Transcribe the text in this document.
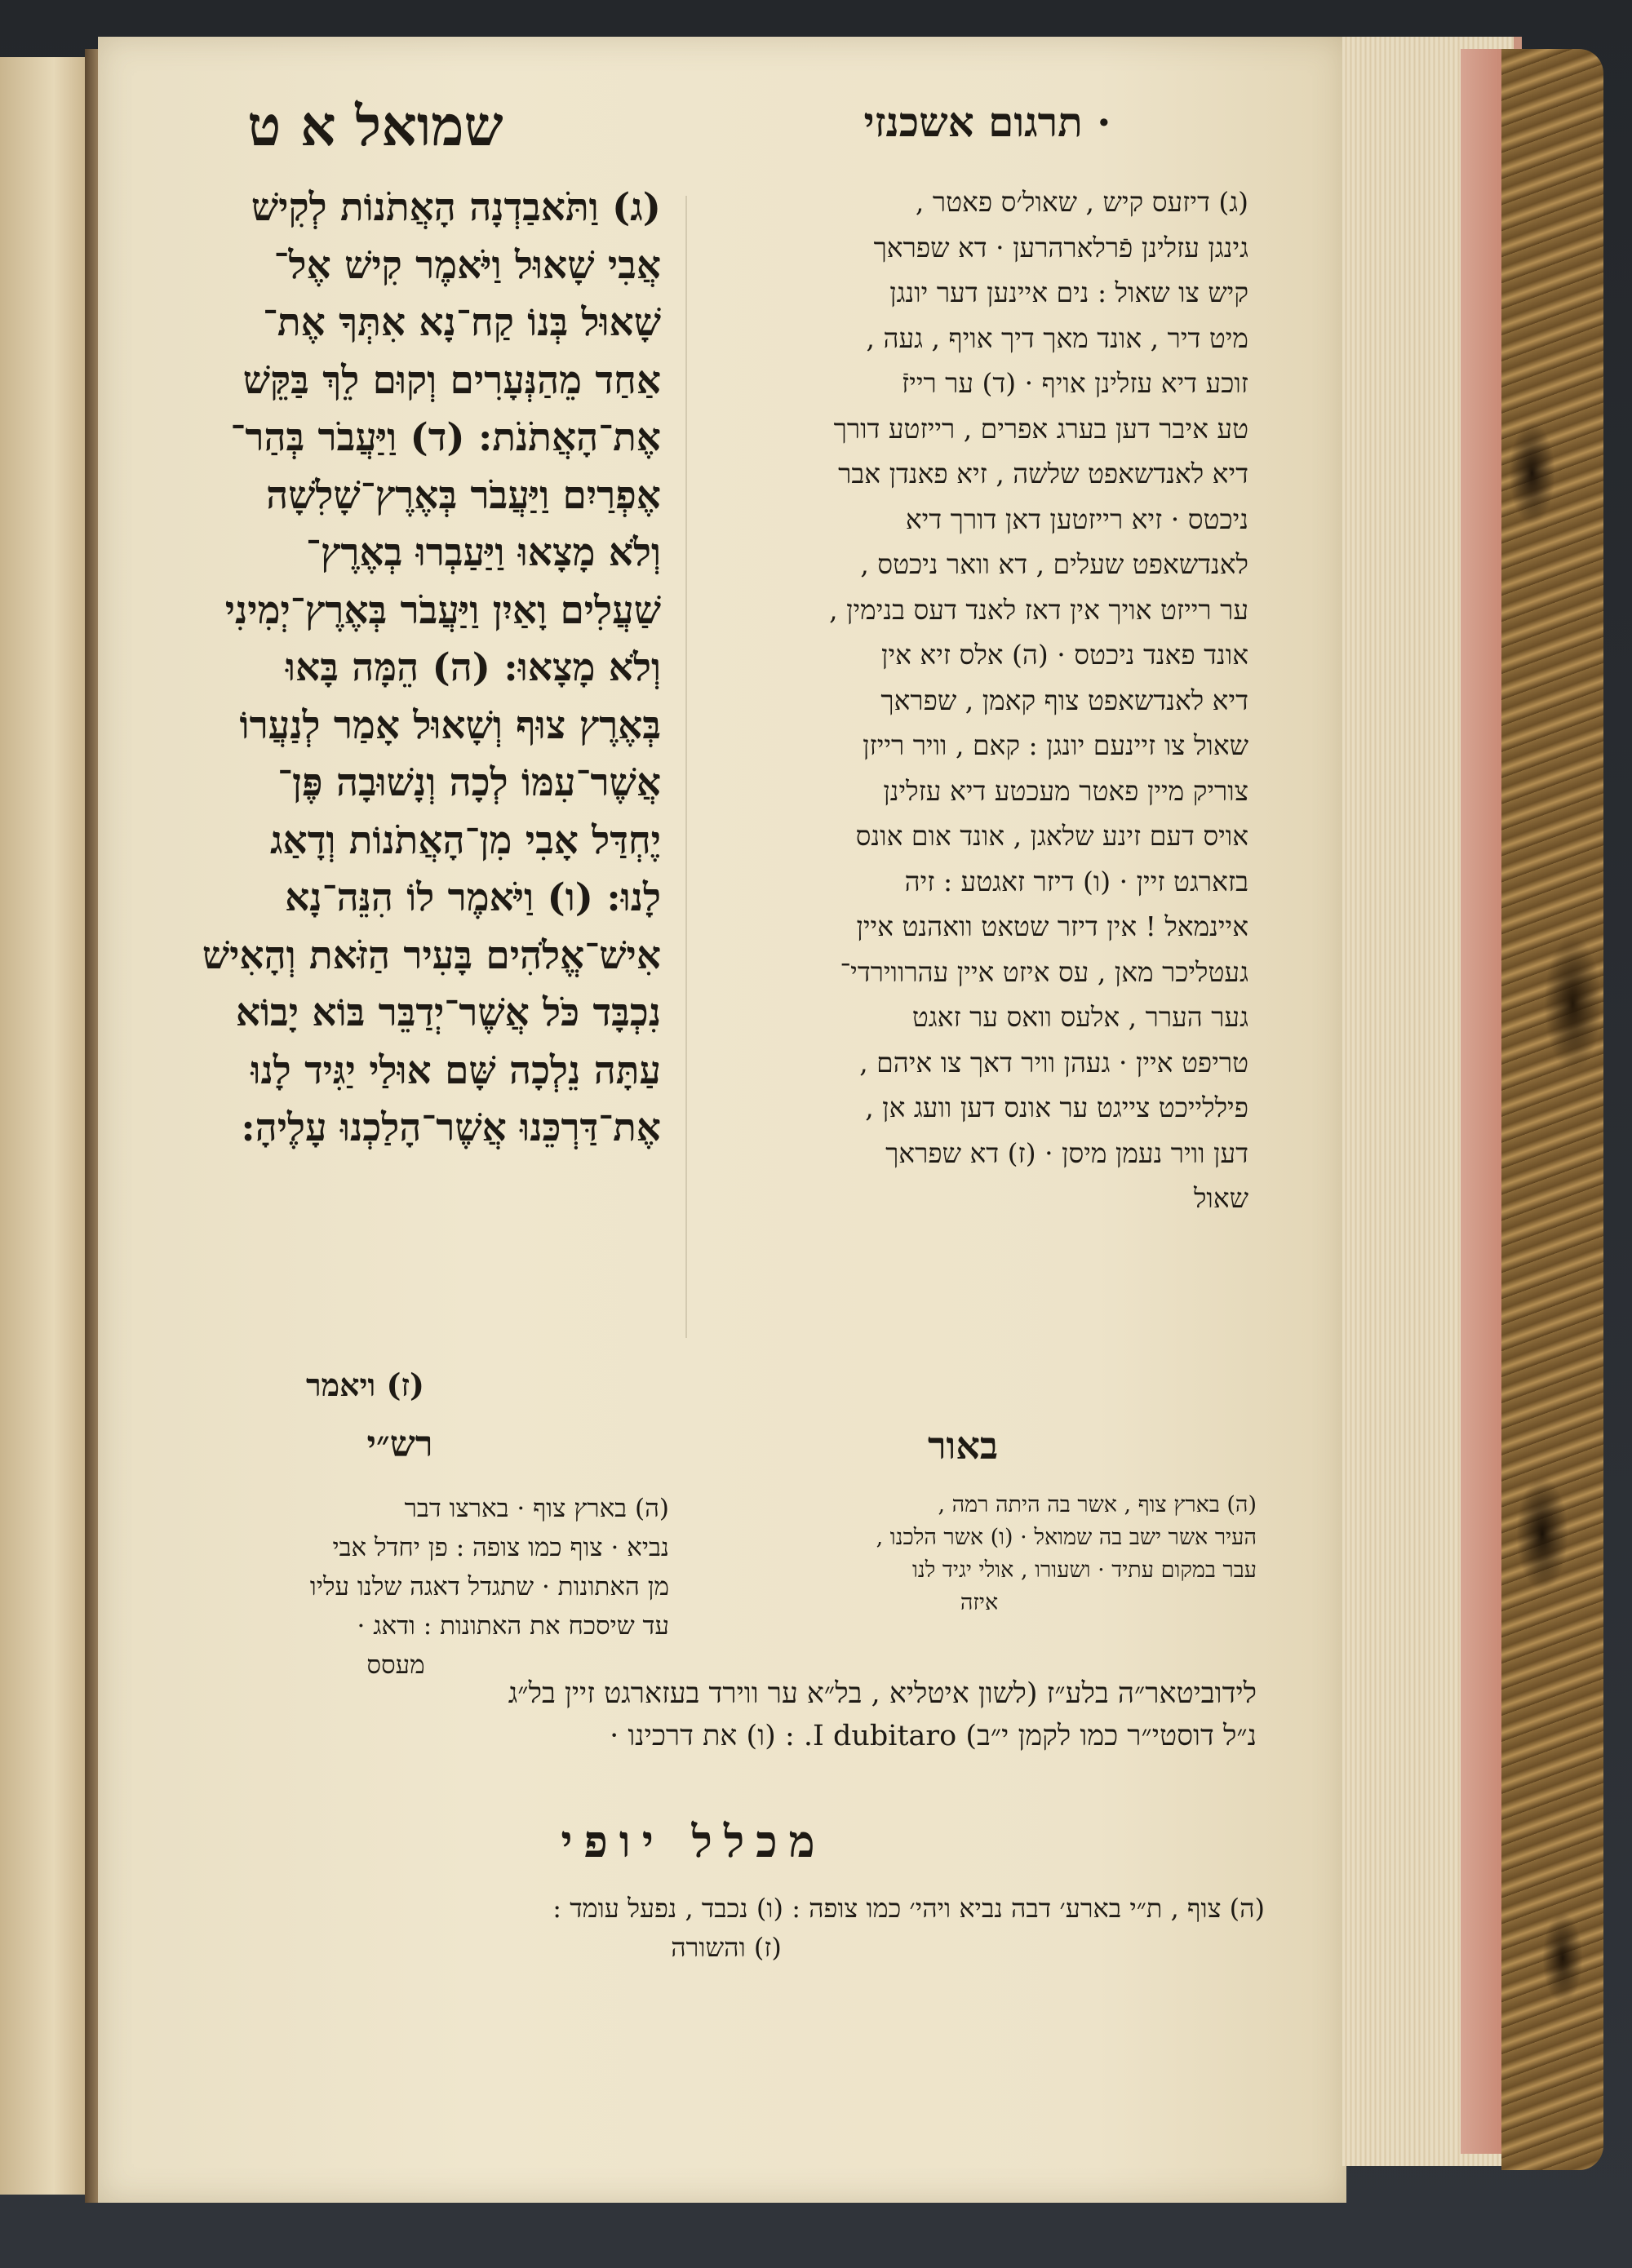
· תרגום אשכנזי
שמואל א ט
(ג) דיזעס קיש , שאול׳ס פאטר ,
גינגן עזלינן פֿרלארהרען · דא שפראך
קיש צו שאול : נים איינען דער יונגן
מיט דיר , אונד מאך דיך אויף , געה ,
זוכע דיא עזלינן אויף · (ד) ער רייזֿ
טע איבר דען בערג אפרים , רייזטע דורך
דיא לאנדשאפט שלשה , זיא פאנדן אבר
ניכטס · זיא רייזטען דאן דורך דיא
לאנדשאפט שעלים , דא וואר ניכטס ,
ער רייזט אויך אין דאז לאנד דעס בנימין ,
אונד פאנד ניכטס · (ה) אלס זיא אין
דיא לאנדשאפט צוף קאמן , שפראך
שאול צו זיינעם יונגן : קאם , וויר רייזן
צוריק מיין פאטר מעכטע דיא עזלינן
אויס דעם זינע שלאגן , אונד אום אונס
בזארגט זיין · (ו) דיזר זאגטע : זיה
איינמאל ! אין דיזר שטאט וואהנט איין
געטליכר מאן , עס איזט איין עהרווירדי־
גער הערר , אלעס וואס ער זאגט
טריפט איין · געהן וויר דאך צו איהם ,
פיללייכט צייגט ער אונס דען וועג אן ,
דען וויר נעמן מיסן · (ז) דא שפראך
שאול
(ג) וַתֹּאבַדְנָה הָאֲתֹנוֹת לְקִישׁ
אֲבִי שָׁאוּל וַיֹּאמֶר קִישׁ אֶל־
שָׁאוּל בְּנוֹ קַח־נָא אִתְּךָ אֶת־
אַחַד מֵהַנְּעָרִים וְקוּם לֵךְ בַּקֵּשׁ
אֶת־הָאֲתֹנֹת: (ד) וַיַּעֲבֹר בְּהַר־
אֶפְרַיִם וַיַּעֲבֹר בְּאֶרֶץ־שָׁלִשָׁה
וְלֹא מָצָאוּ וַיַּעַבְרוּ בְאֶרֶץ־
שַׁעֲלִים וָאַיִן וַיַּעֲבֹר בְּאֶרֶץ־יְמִינִי
וְלֹא מָצָאוּ: (ה) הֵמָּה בָּאוּ
בְּאֶרֶץ צוּף וְשָׁאוּל אָמַר לְנַעֲרוֹ
אֲשֶׁר־עִמּוֹ לְכָה וְנָשׁוּבָה פֶּן־
יֶחְדַּל אָבִי מִן־הָאֲתֹנוֹת וְדָאַג
לָנוּ: (ו) וַיֹּאמֶר לוֹ הִנֵּה־נָא
אִישׁ־אֱלֹהִים בָּעִיר הַזֹּאת וְהָאִישׁ
נִכְבָּד כֹּל אֲשֶׁר־יְדַבֵּר בּוֹא יָבוֹא
עַתָּה נֵלְכָה שָּׁם אוּלַי יַגִּיד לָנוּ
אֶת־דַּרְכֵּנוּ אֲשֶׁר־הָלַכְנוּ עָלֶיהָ:
(ז) ויאמר
באור
רש״י
(ה) בארץ צוף , אשר בה היתה רמה ,
העיר אשר ישב בה שמואל · (ו) אשר הלכנו ,
עבר במקום עתיד · ושעורו , אולי יגיד לנו
איזה
(ה) בארץ צוף · בארצו דבר
נביא · צוף כמו צופה : פן יחדל אבי
מן האתונות · שתגדל דאגה שלנו עליו
עד שיסכח את האתונות : ודאג ·
מעסס
לידוביטאר״ה בלע״ז (לשון איטליא , בל״א ער ווירד בעזארגט זיין בל״ג
נ״ל דוסטי״ר כמו לקמן י״ב) I dubitaro. : (ו) את דרכינו ·
מכלל יופי
(ה) צוף , ת״י בארע׳ דבה נביא ויהי׳ כמו צופה : (ו) נכבד , נפעל עומד :
(ז) והשורה
